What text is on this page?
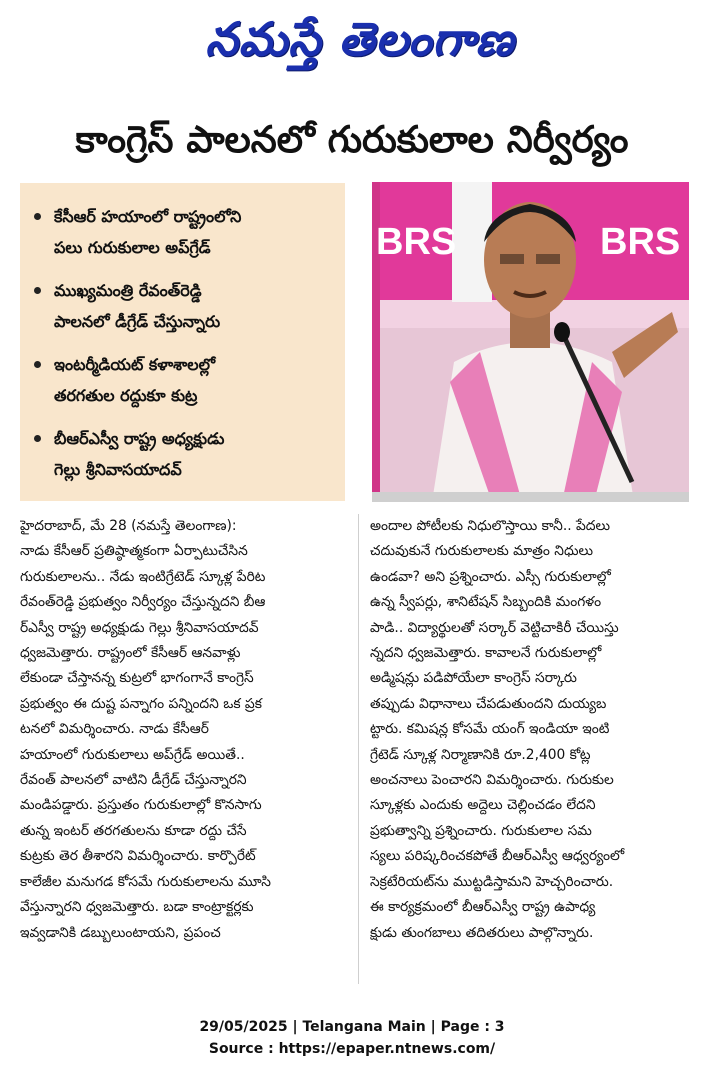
నమస్తే తెలంగాణ
కాంగ్రెస్ పాలనలో గురుకులాల నిర్వీర్యం
కేసీఆర్ హయాంలో రాష్ట్రంలోని
పలు గురుకులాల అప్‌గ్రేడ్
ముఖ్యమంత్రి రేవంత్‌రెడ్డి
పాలనలో డీగ్రేడ్ చేస్తున్నారు
ఇంటర్మీడియట్ కళాశాలల్లో
తరగతుల రద్దుకూ కుట్ర
బీఆర్‌ఎస్వీ రాష్ట్ర అధ్యక్షుడు
గెల్లు శ్రీనివాసయాదవ్
BRS	BRS
హైదరాబాద్, మే 28 (నమస్తే తెలంగాణ):
నాడు కేసీఆర్ ప్రతిష్ఠాత్మకంగా ఏర్పాటుచేసిన
గురుకులాలను.. నేడు ఇంటిగ్రేటెడ్ స్కూళ్ల పేరిట
రేవంత్‌రెడ్డి ప్రభుత్వం నిర్వీర్యం చేస్తున్నదని బీఆ
ర్‌ఎస్వీ రాష్ట్ర అధ్యక్షుడు గెల్లు శ్రీనివాసయాదవ్
ధ్వజమెత్తారు. రాష్ట్రంలో కేసీఆర్ ఆనవాళ్లు
లేకుండా చేస్తానన్న కుట్రలో భాగంగానే కాంగ్రెస్
ప్రభుత్వం ఈ దుష్ట పన్నాగం పన్నిందని ఒక ప్రక
టనలో విమర్శించారు. నాడు కేసీఆర్
హయాంలో గురుకులాలు అప్‌గ్రేడ్ అయితే..
రేవంత్ పాలనలో వాటిని డీగ్రేడ్ చేస్తున్నారని
మండిపడ్డారు. ప్రస్తుతం గురుకులాల్లో కొనసాగు
తున్న ఇంటర్ తరగతులను కూడా రద్దు చేసే
కుట్రకు తెర తీశారని విమర్శించారు. కార్పొరేట్
కాలేజీల మనుగడ కోసమే గురుకులాలను మూసి
వేస్తున్నారని ధ్వజమెత్తారు. బడా కాంట్రాక్టర్లకు
ఇవ్వడానికి డబ్బులుంటాయని, ప్రపంచ
అందాల పోటీలకు నిధులొస్తాయి కానీ.. పేదలు
చదువుకునే గురుకులాలకు మాత్రం నిధులు
ఉండవా? అని ప్రశ్నించారు. ఎస్సీ గురుకులాల్లో
ఉన్న స్వీపర్లు, శానిటేషన్ సిబ్బందికి మంగళం
పాడి.. విద్యార్థులతో సర్కార్ వెట్టిచాకిరీ చేయిస్తు
న్నదని ధ్వజమెత్తారు. కావాలనే గురుకులాల్లో
అడ్మిషన్లు పడిపోయేలా కాంగ్రెస్ సర్కారు
తప్పుడు విధానాలు చేపడుతుందని దుయ్యబ
ట్టారు. కమిషన్ల కోసమే యంగ్ ఇండియా ఇంటి
గ్రేటెడ్ స్కూళ్ల నిర్మాణానికి రూ.2,400 కోట్ల
అంచనాలు పెంచారని విమర్శించారు. గురుకుల
స్కూళ్లకు ఎందుకు అద్దెలు చెల్లించడం లేదని
ప్రభుత్వాన్ని ప్రశ్నించారు. గురుకులాల సమ
స్యలు పరిష్కరించకపోతే బీఆర్‌ఎస్వీ ఆధ్వర్యంలో
సెక్రటేరియట్‌ను ముట్టడిస్తామని హెచ్చరించారు.
ఈ కార్యక్రమంలో బీఆర్‌ఎస్వీ రాష్ట్ర ఉపాధ్య
క్షుడు తుంగబాలు తదితరులు పాల్గొన్నారు.
29/05/2025 | Telangana Main | Page : 3
Source : https://epaper.ntnews.com/
